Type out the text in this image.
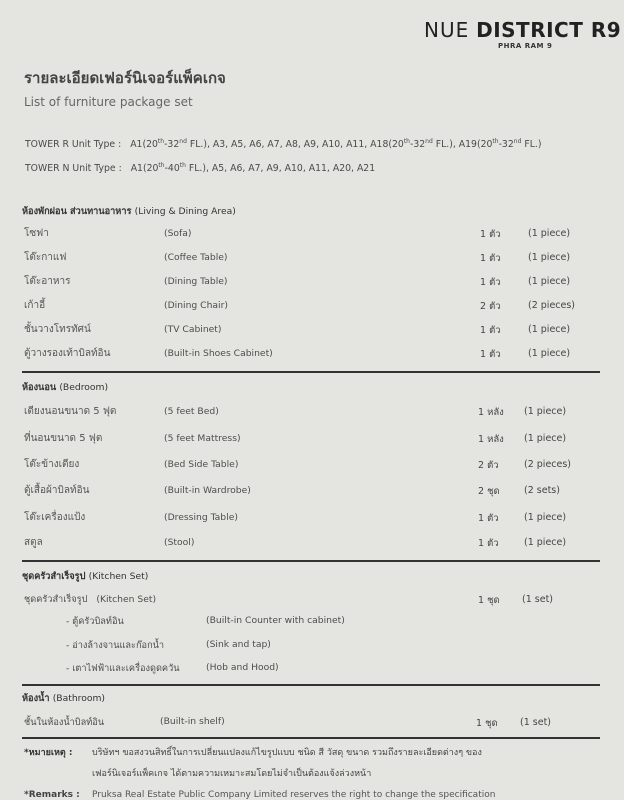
NUE DISTRICT R9
PHRA RAM 9
รายละเอียดเฟอร์นิเจอร์แพ็คเกจ
List of furniture package set
TOWER R Unit Type : A1(20th-32nd FL.), A3, A5, A6, A7, A8, A9, A10, A11, A18(20th-32nd FL.), A19(20th-32nd FL.)
TOWER N Unit Type : A1(20th-40th FL.), A5, A6, A7, A9, A10, A11, A20, A21
ห้องพักผ่อน ส่วนทานอาหาร (Living & Dining Area)
โซฟา	(Sofa)	1 ตัว	(1 piece)
โต๊ะกาแฟ	(Coffee Table)	1 ตัว	(1 piece)
โต๊ะอาหาร	(Dining Table)	1 ตัว	(1 piece)
เก้าอี้	(Dining Chair)	2 ตัว	(2 pieces)
ชั้นวางโทรทัศน์	(TV Cabinet)	1 ตัว	(1 piece)
ตู้วางรองเท้าบิลท์อิน	(Built-in Shoes Cabinet)	1 ตัว	(1 piece)
ห้องนอน (Bedroom)
เตียงนอนขนาด 5 ฟุต	(5 feet Bed)	1 หลัง (1 piece)
ที่นอนขนาด 5 ฟุต	(5 feet Mattress)	1 หลัง (1 piece)
โต๊ะข้างเตียง	(Bed Side Table)	2 ตัว	(2 pieces)
ตู้เสื้อผ้าบิลท์อิน	(Built-in Wardrobe)	2 ชุด	(2 sets)
โต๊ะเครื่องแป้ง	(Dressing Table)	1 ตัว	(1 piece)
สตูล	(Stool)	1 ตัว	(1 piece)
ชุดครัวสำเร็จรูป (Kitchen Set)
ชุดครัวสำเร็จรูป (Kitchen Set)	1 ชุด (1 set)
- ตู้ครัวบิลท์อิน	(Built-in Counter with cabinet)
- อ่างล้างจานและก๊อกน้ำ	(Sink and tap)
- เตาไฟฟ้าและเครื่องดูดควัน	(Hob and Hood)
ห้องน้ำ (Bathroom)
ชั้นในห้องน้ำบิลท์อิน	(Built-in shelf)	1 ชุด (1 set)
*หมายเหตุ : บริษัทฯ ขอสงวนสิทธิ์ในการเปลี่ยนแปลงแก้ไขรูปแบบ ชนิด สี วัสดุ ขนาด รวมถึงรายละเอียดต่างๆ ของ
เฟอร์นิเจอร์แพ็คเกจ ได้ตามความเหมาะสมโดยไม่จำเป็นต้องแจ้งล่วงหน้า
*Remarks : Pruksa Real Estate Public Company Limited reserves the right to change the specification
